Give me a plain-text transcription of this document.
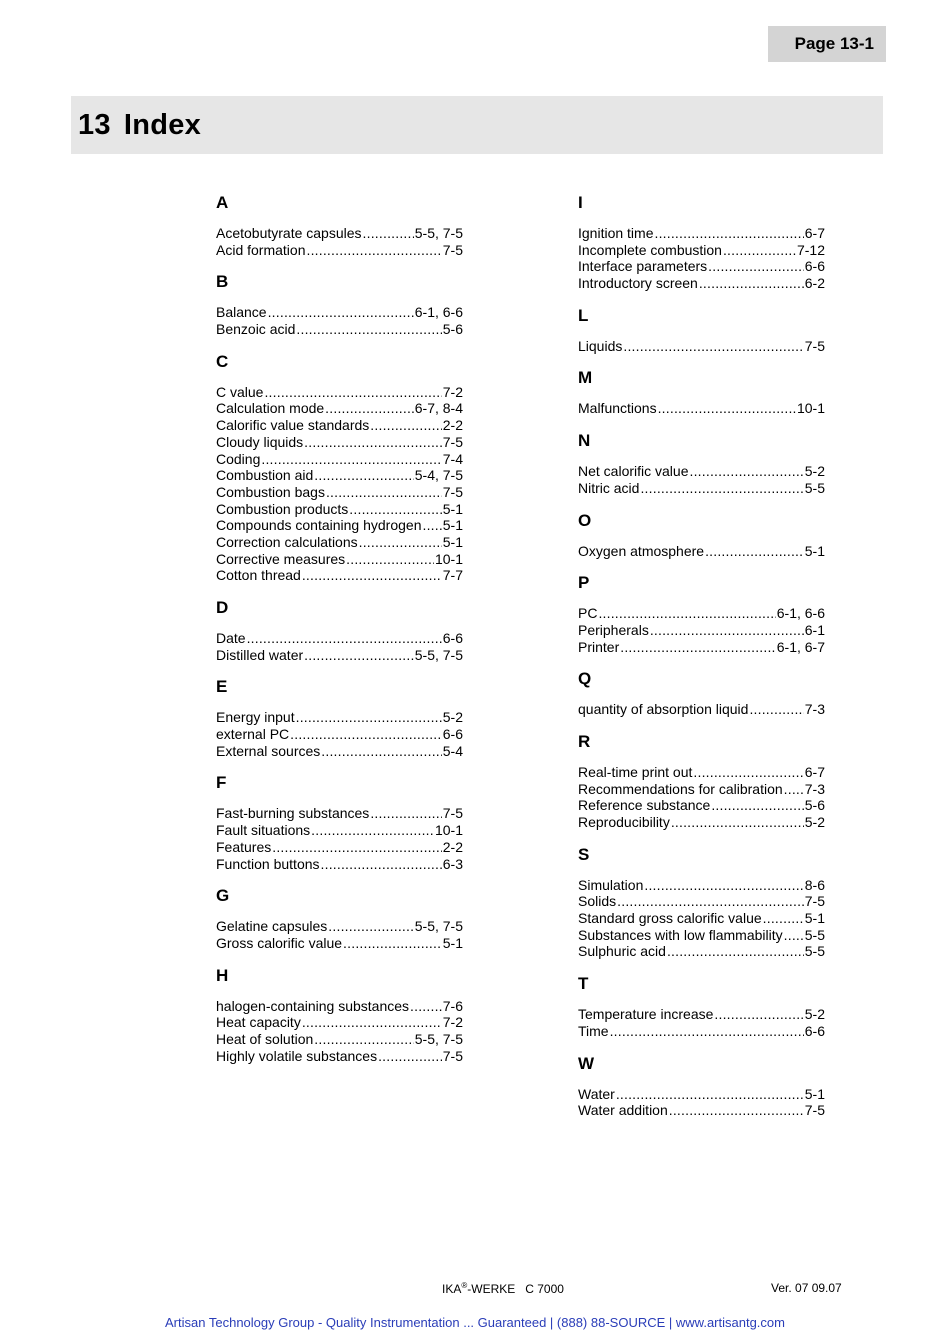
Page 13-1
13 Index
A
Acetobutyrate capsules .....	5-5, 7-5
Acid formation .....	7-5
B
Balance .....	6-1, 6-6
Benzoic acid .....	5-6
C
C value .....	7-2
Calculation mode .....	6-7, 8-4
Calorific value standards .....	2-2
Cloudy liquids .....	7-5
Coding .....	7-4
Combustion aid .....	5-4, 7-5
Combustion bags .....	7-5
Combustion products .....	5-1
Compounds containing hydrogen ..... 5-1
Correction calculations .....	5-1
Corrective measures .....	10-1
Cotton thread .....	7-7
D
Date .....	6-6
Distilled water .....	5-5, 7-5
E
Energy input .....	5-2
external PC .....	6-6
External sources .....	5-4
F
Fast-burning substances .....	7-5
Fault situations .....	10-1
Features .....	2-2
Function buttons .....	6-3
G
Gelatine capsules .....	5-5, 7-5
Gross calorific value .....	5-1
H
halogen-containing substances ..... 7-6
Heat capacity .....	7-2
Heat of solution .....	5-5, 7-5
Highly volatile substances .....	7-5
I
Ignition time .....	6-7
Incomplete combustion .....	7-12
Interface parameters .....	6-6
Introductory screen .....	6-2
L
Liquids .....	7-5
M
Malfunctions .....	10-1
N
Net calorific value .....	5-2
Nitric acid .....	5-5
O
Oxygen atmosphere .....	5-1
P
PC .....	6-1, 6-6
Peripherals .....	6-1
Printer .....	6-1, 6-7
Q
quantity of absorption liquid .....	7-3
R
Real-time print out .....	6-7
Recommendations for calibration ..... 7-3
Reference substance .....	5-6
Reproducibility .....	5-2
S
Simulation .....	8-6
Solids .....	7-5
Standard gross calorific value .....	5-1
Substances with low flammability ..... 5-5
Sulphuric acid .....	5-5
T
Temperature increase .....	5-2
Time .....	6-6
W
Water .....	5-1
Water addition .....	7-5
IKA®-WERKE C 7000	Ver. 07 09.07
Artisan Technology Group - Quality Instrumentation ... Guaranteed | (888) 88-SOURCE | www.artisantg.com
